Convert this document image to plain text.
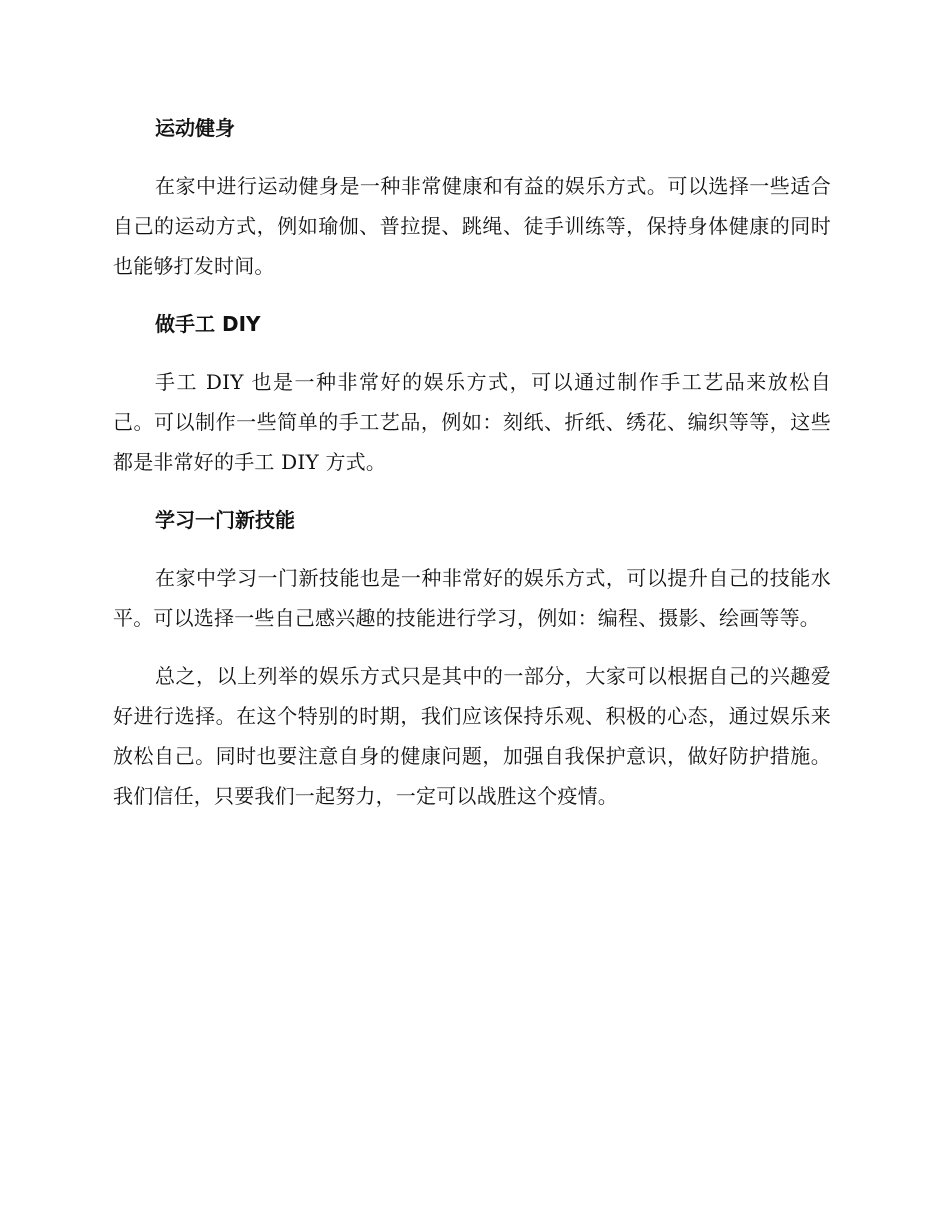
运动健身

在家中进行运动健身是一种非常健康和有益的娱乐方式。可以选择一些适合自己的运动方式，例如瑜伽、普拉提、跳绳、徒手训练等，保持身体健康的同时也能够打发时间。

做手工 DIY

手工 DIY 也是一种非常好的娱乐方式，可以通过制作手工艺品来放松自己。可以制作一些简单的手工艺品，例如：刻纸、折纸、绣花、编织等等，这些都是非常好的手工 DIY 方式。

学习一门新技能

在家中学习一门新技能也是一种非常好的娱乐方式，可以提升自己的技能水平。可以选择一些自己感兴趣的技能进行学习，例如：编程、摄影、绘画等等。

总之，以上列举的娱乐方式只是其中的一部分，大家可以根据自己的兴趣爱好进行选择。在这个特别的时期，我们应该保持乐观、积极的心态，通过娱乐来放松自己。同时也要注意自身的健康问题，加强自我保护意识，做好防护措施。我们信任，只要我们一起努力，一定可以战胜这个疫情。
